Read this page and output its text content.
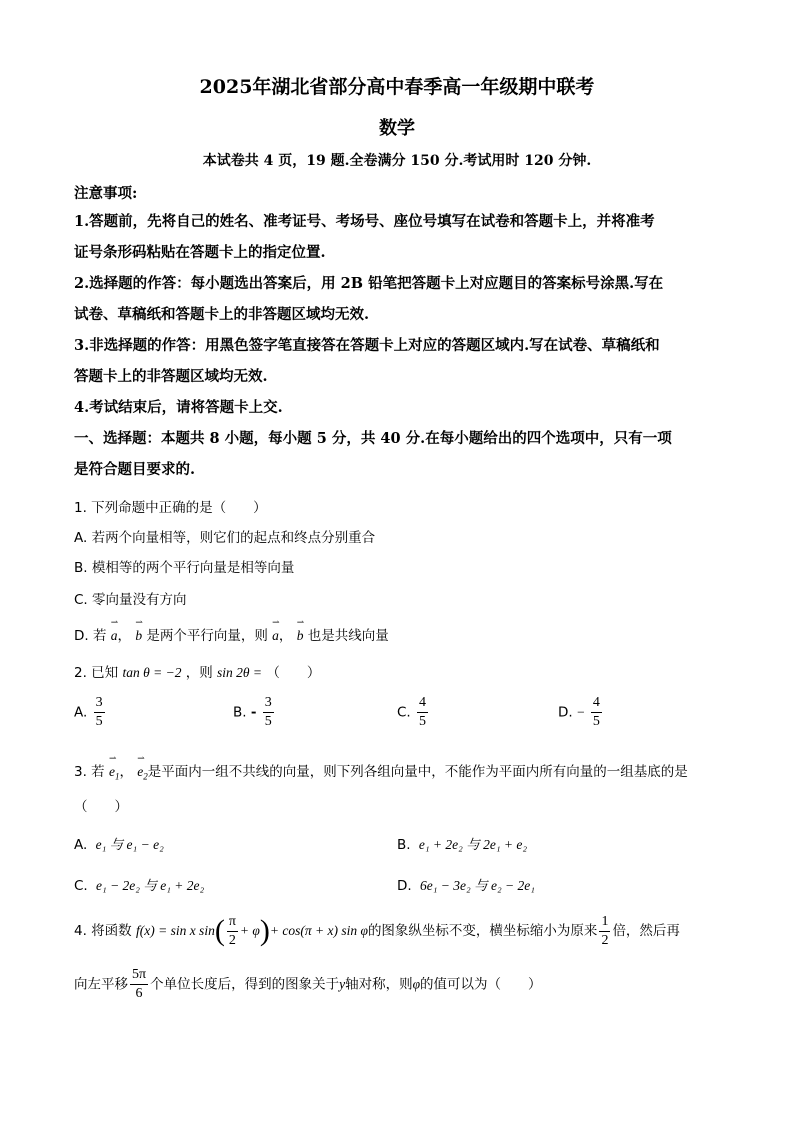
2025年湖北省部分高中春季高一年级期中联考
数学
本试卷共 4 页，19 题.全卷满分 150 分.考试用时 120 分钟.
注意事项:
1.答题前，先将自己的姓名、准考证号、考场号、座位号填写在试卷和答题卡上，并将准考
证号条形码粘贴在答题卡上的指定位置.
2.选择题的作答：每小题选出答案后，用 2B 铅笔把答题卡上对应题目的答案标号涂黑.写在
试卷、草稿纸和答题卡上的非答题区域均无效.
3.非选择题的作答：用黑色签字笔直接答在答题卡上对应的答题区域内.写在试卷、草稿纸和
答题卡上的非答题区域均无效.
4.考试结束后，请将答题卡上交.
一、选择题：本题共 8 小题，每小题 5 分，共 40 分.在每小题给出的四个选项中，只有一项
是符合题目要求的.
1. 下列命题中正确的是（　　）
A. 若两个向量相等，则它们的起点和终点分别重合
B. 模相等的两个平行向量是相等向量
C. 零向量没有方向
D. 若 ⇀ a， ⇀ b 是两个平行向量，则 ⇀ a， ⇀ b 也是共线向量
2. 已知 tan θ = −2 ，则 sin 2θ = （　　）
A. $\frac{3}{5}$	B. - $\frac{3}{5}$	C. $\frac{4}{5}$	D. − $\frac{4}{5}$
3. 若 ⇀ $e_1$， ⇀ $e_2$是平面内一组不共线的向量，则下列各组向量中，不能作为平面内所有向量的一组基底的是
（　　）
A. e₁ 与 e₁ − e₂	B. e₁ + 2e₂ 与 2e₁ + e₂
C. e₁ − 2e₂ 与 e₁ + 2e₂	D. 6e₁ − 3e₂ 与 e₂ − 2e₁
4. 将函数 f(x) = sin x $\sin( \frac{\pi}{2} + \varphi)+ \cos(\pi + x)$ sin φ的图象纵坐标不变，横坐标缩小为原来 $\frac{1}{2}$ 倍，然后再
向左平移 $\frac{5\pi}{6}$ 个单位长度后，得到的图象关于y轴对称，则φ的值可以为（　　）
